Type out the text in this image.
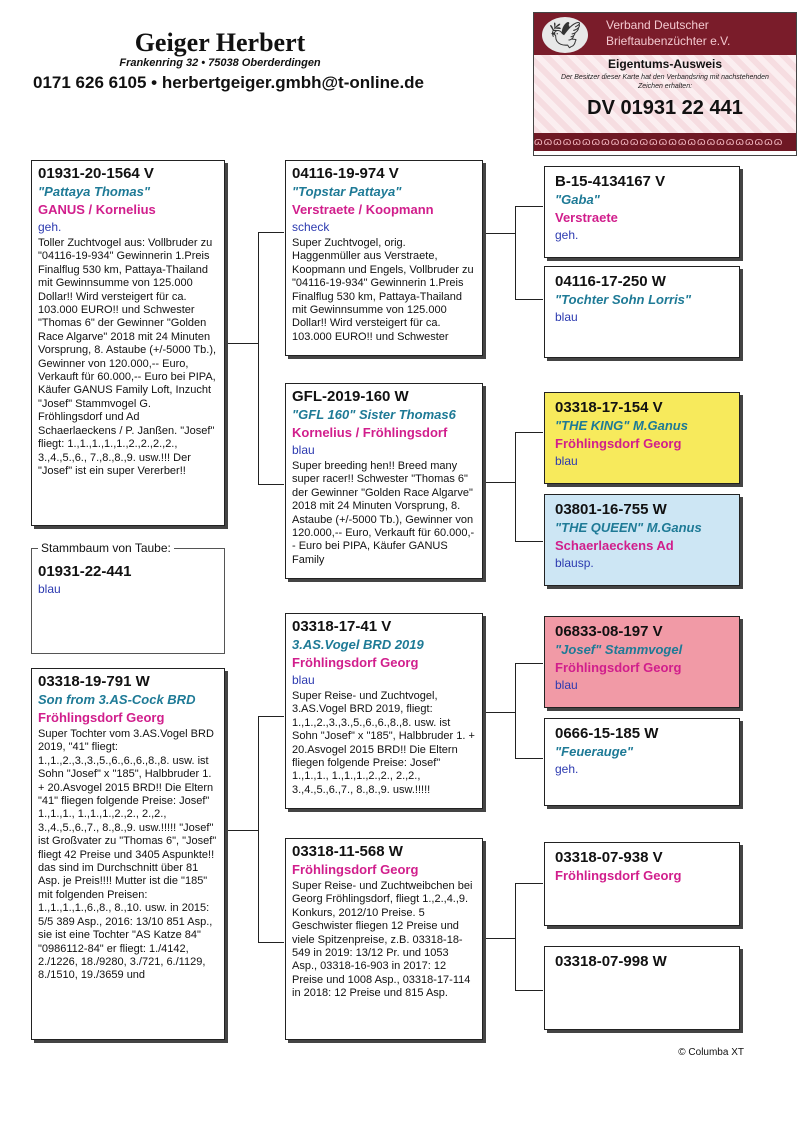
Geiger Herbert
Frankenring 32 • 75038 Oberderdingen
0171 626 6105 • herbertgeiger.gmbh@t-online.de
🕊	Verband Deutscher Brieftaubenzüchter e.V.
Eigentums-Ausweis
Der Besitzer dieser Karte hat den Verbandsring mit nachstehenden Zeichen erhalten:
DV 01931 22 441
ɷɷɷɷɷɷɷɷɷɷɷɷɷɷɷɷɷɷɷɷɷɷɷɷɷɷ
01931-20-1564 V
"Pattaya Thomas"
GANUS / Kornelius
geh.
Toller Zuchtvogel aus: Vollbruder zu "04116-19-934" Gewinnerin 1.Preis Finalflug 530 km, Pattaya-Thailand mit Gewinnsumme von 125.000 Dollar!! Wird versteigert für ca. 103.000 EURO!! und Schwester "Thomas 6" der Gewinner "Golden Race Algarve" 2018 mit 24 Minuten Vorsprung, 8. Astaube (+/-5000 Tb.), Gewinner von 120.000,-- Euro, Verkauft für 60.000,-- Euro bei PIPA, Käufer GANUS Family Loft, Inzucht "Josef" Stammvogel G. Fröhlingsdorf und Ad Schaerlaeckens / P. Janßen. "Josef" fliegt: 1.,1.,1.,1.,1.,2.,2.,2.,2., 3.,4.,5.,6., 7.,8.,8.,9. usw.!!! Der "Josef" ist ein super Vererber!!
Stammbaum von Taube:
01931-22-441
blau
03318-19-791 W
Son from 3.AS-Cock BRD
Fröhlingsdorf Georg
Super Tochter vom 3.AS.Vogel BRD 2019, "41" fliegt: 1.,1.,2.,3.,3.,5.,6.,6.,6.,8.,8. usw. ist Sohn "Josef" x "185", Halbbruder 1. + 20.Asvogel 2015 BRD!! Die Eltern "41" fliegen folgende Preise: Josef" 1.,1.,1., 1.,1.,1.,2.,2., 2.,2., 3.,4.,5.,6.,7., 8.,8.,9. usw.!!!!! "Josef" ist Großvater zu "Thomas 6", "Josef" fliegt 42 Preise und 3405 Aspunkte!! das sind im Durchschnitt über 81 Asp. je Preis!!!! Mutter ist die "185" mit folgenden Preisen: 1.,1.,1.,1.,6.,8., 8.,10. usw. in 2015: 5/5 389 Asp., 2016: 13/10 851 Asp., sie ist eine Tochter "AS Katze 84" "0986112-84" er fliegt: 1./4142, 2./1226, 18./9280, 3./721, 6./1129, 8./1510, 19./3659 und
04116-19-974 V
"Topstar Pattaya"
Verstraete / Koopmann
scheck
Super Zuchtvogel, orig. Haggenmüller aus Verstraete, Koopmann und Engels, Vollbruder zu "04116-19-934" Gewinnerin 1.Preis Finalflug 530 km, Pattaya-Thailand mit Gewinnsumme von 125.000 Dollar!! Wird versteigert für ca. 103.000 EURO!! und Schwester
GFL-2019-160 W
"GFL 160" Sister Thomas6
Kornelius / Fröhlingsdorf
blau
Super breeding hen!! Breed many super racer!! Schwester "Thomas 6" der Gewinner "Golden Race Algarve" 2018 mit 24 Minuten Vorsprung, 8. Astaube (+/-5000 Tb.), Gewinner von 120.000,-- Euro, Verkauft für 60.000,-- Euro bei PIPA, Käufer GANUS Family
03318-17-41 V
3.AS.Vogel BRD 2019
Fröhlingsdorf Georg
blau
Super Reise- und Zuchtvogel, 3.AS.Vogel BRD 2019, fliegt: 1.,1.,2.,3.,3.,5.,6.,6.,8.,8. usw. ist Sohn "Josef" x "185", Halbbruder 1. + 20.Asvogel 2015 BRD!! Die Eltern fliegen folgende Preise: Josef" 1.,1.,1., 1.,1.,1.,2.,2., 2.,2., 3.,4.,5.,6.,7., 8.,8.,9. usw.!!!!!
03318-11-568 W
Fröhlingsdorf Georg
Super Reise- und Zuchtweibchen bei Georg Fröhlingsdorf, fliegt 1.,2.,4.,9. Konkurs, 2012/10 Preise. 5 Geschwister fliegen 12 Preise und viele Spitzenpreise, z.B. 03318-18-549 in 2019: 13/12 Pr. und 1053 Asp., 03318-16-903 in 2017: 12 Preise und 1008 Asp., 03318-17-114 in 2018: 12 Preise und 815 Asp.
B-15-4134167 V
"Gaba"
Verstraete
geh.
04116-17-250 W
"Tochter Sohn Lorris"
blau
03318-17-154 V
"THE KING" M.Ganus
Fröhlingsdorf Georg
blau
03801-16-755 W
"THE QUEEN" M.Ganus
Schaerlaeckens Ad
blausp.
06833-08-197 V
"Josef" Stammvogel
Fröhlingsdorf Georg
blau
0666-15-185 W
"Feuerauge"
geh.
03318-07-938 V
Fröhlingsdorf Georg
03318-07-998 W
© Columba XT
